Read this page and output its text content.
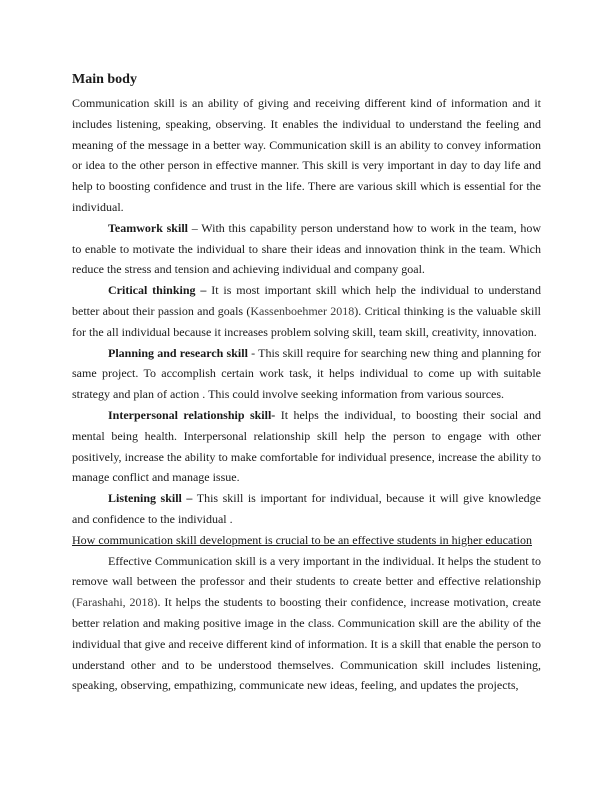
Main body

Communication skill is an ability of giving and receiving different kind of information and it includes listening, speaking, observing. It enables the individual to understand the feeling and meaning of the message in a better way. Communication skill is an ability to convey information or idea to the other person in effective manner. This skill is very important in day to day life and help to boosting confidence and trust in the life. There are various skill which is essential for the individual.

Teamwork skill – With this capability person understand how to work in the team, how to enable to motivate the individual to share their ideas and innovation think in the team. Which reduce the stress and tension and achieving individual and company goal.

Critical thinking – It is most important skill which help the individual to understand better about their passion and goals (Kassenboehmer 2018). Critical thinking is the valuable skill for the all individual because it increases problem solving skill, team skill, creativity, innovation.

Planning and research skill - This skill require for searching new thing and planning for same project. To accomplish certain work task, it helps individual to come up with suitable strategy and plan of action . This could involve seeking information from various sources.

Interpersonal relationship skill- It helps the individual, to boosting their social and mental being health. Interpersonal relationship skill help the person to engage with other positively, increase the ability to make comfortable for individual presence, increase the ability to manage conflict and manage issue.

Listening skill – This skill is important for individual, because it will give knowledge and confidence to the individual .

How communication skill development is crucial to be an effective students in higher education

Effective Communication skill is a very important in the individual. It helps the student to remove wall between the professor and their students to create better and effective relationship (Farashahi, 2018). It helps the students to boosting their confidence, increase motivation, create better relation and making positive image in the class. Communication skill are the ability of the individual that give and receive different kind of information. It is a skill that enable the person to understand other and to be understood themselves. Communication skill includes listening, speaking, observing, empathizing, communicate new ideas, feeling, and updates the projects,
